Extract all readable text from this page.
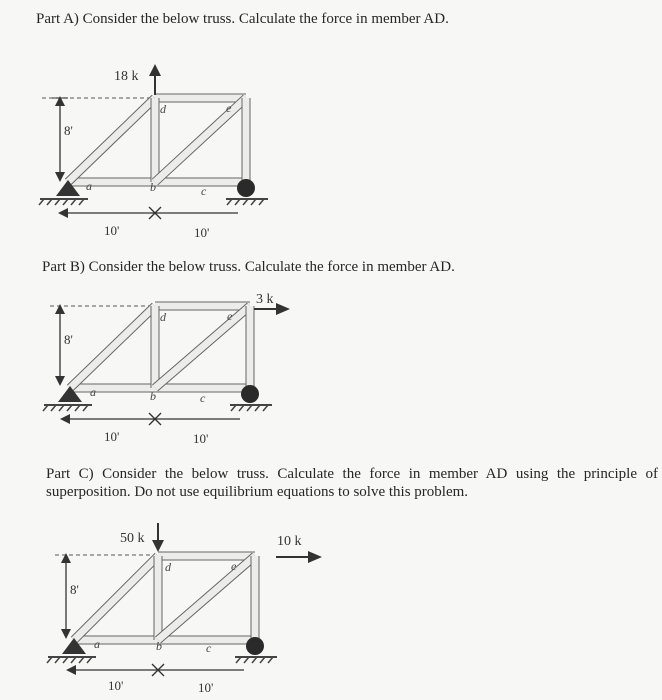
Part A) Consider the below truss. Calculate the force in member AD.

8'
10'	10'
18 k
a	b	c
d	e

Part B) Consider the below truss. Calculate the force in member AD.

8'
10'	10'
3 k
a	b	c
d	e

Part C) Consider the below truss. Calculate the force in member AD using the principle of superposition. Do not use equilibrium equations to solve this problem.

8'
10'	10'
50 k	10 k
a	b	c
d	e
